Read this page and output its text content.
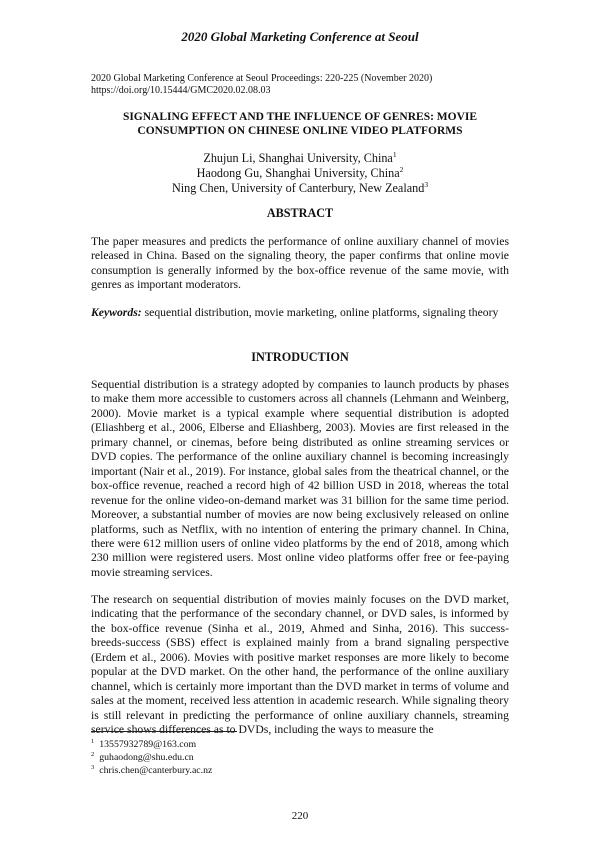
2020 Global Marketing Conference at Seoul
2020 Global Marketing Conference at Seoul Proceedings: 220-225 (November 2020)
https://doi.org/10.15444/GMC2020.02.08.03
SIGNALING EFFECT AND THE INFLUENCE OF GENRES: MOVIE
CONSUMPTION ON CHINESE ONLINE VIDEO PLATFORMS
Zhujun Li, Shanghai University, China$^1$
Haodong Gu, Shanghai University, China$^2$
Ning Chen, University of Canterbury, New Zealand$^3$
ABSTRACT

The paper measures and predicts the performance of online auxiliary channel of movies released in China. Based on the signaling theory, the paper confirms that online movie consumption is generally informed by the box-office revenue of the same movie, with genres as important moderators.

Keywords: sequential distribution, movie marketing, online platforms, signaling theory

INTRODUCTION

Sequential distribution is a strategy adopted by companies to launch products by phases to make them more accessible to customers across all channels (Lehmann and Weinberg, 2000). Movie market is a typical example where sequential distribution is adopted (Eliashberg et al., 2006, Elberse and Eliashberg, 2003). Movies are first released in the primary channel, or cinemas, before being distributed as online streaming services or DVD copies. The performance of the online auxiliary channel is becoming increasingly important (Nair et al., 2019). For instance, global sales from the theatrical channel, or the box-office revenue, reached a record high of 42 billion USD in 2018, whereas the total revenue for the online video-on-demand market was 31 billion for the same time period. Moreover, a substantial number of movies are now being exclusively released on online platforms, such as Netflix, with no intention of entering the primary channel. In China, there were 612 million users of online video platforms by the end of 2018, among which 230 million were registered users. Most online video platforms offer free or fee-paying movie streaming services.

The research on sequential distribution of movies mainly focuses on the DVD market, indicating that the performance of the secondary channel, or DVD sales, is informed by the box-office revenue (Sinha et al., 2019, Ahmed and Sinha, 2016). This success-breeds-success (SBS) effect is explained mainly from a brand signaling perspective (Erdem et al., 2006). Movies with positive market responses are more likely to become popular at the DVD market. On the other hand, the performance of the online auxiliary channel, which is certainly more important than the DVD market in terms of volume and sales at the moment, received less attention in academic research. While signaling theory is still relevant in predicting the performance of online auxiliary channels, streaming service shows differences as to DVDs, including the ways to measure the

$^1$ 13557932789@163.com
$^2$ guhaodong@shu.edu.cn
$^3$ chris.chen@canterbury.ac.nz
220
